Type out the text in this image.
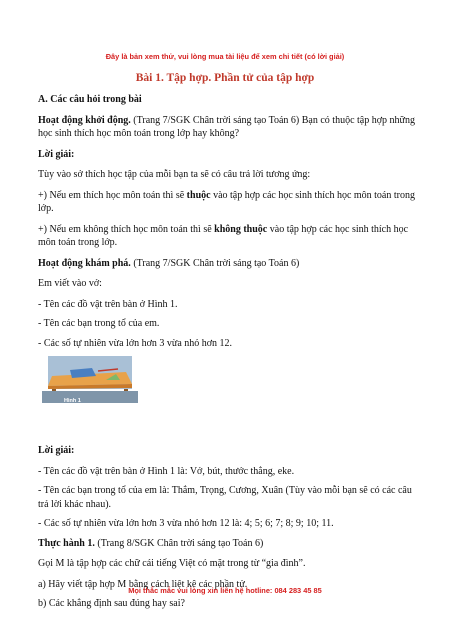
Đây là bản xem thử, vui lòng mua tài liệu để xem chi tiết (có lời giải)
Bài 1. Tập hợp. Phần tử của tập hợp

A. Các câu hỏi trong bài

Hoạt động khởi động. (Trang 7/SGK Chân trời sáng tạo Toán 6) Bạn có thuộc tập hợp những học sinh thích học môn toán trong lớp hay không?

Lời giải:

Tùy vào sở thích học tập của mỗi bạn ta sẽ có câu trả lời tương ứng:

+) Nếu em thích học môn toán thì sẽ thuộc vào tập hợp các học sinh thích học môn toán trong lớp.

+) Nếu em không thích học môn toán thì sẽ không thuộc vào tập hợp các học sinh thích học môn toán trong lớp.

Hoạt động khám phá. (Trang 7/SGK Chân trời sáng tạo Toán 6)

Em viết vào vở:

- Tên các đồ vật trên bàn ở Hình 1.

- Tên các bạn trong tổ của em.

- Các số tự nhiên vừa lớn hơn 3 vừa nhỏ hơn 12.

Hình 1

Lời giải:

- Tên các đồ vật trên bàn ở Hình 1 là: Vở, bút, thước thẳng, eke.

- Tên các bạn trong tổ của em là: Thắm, Trọng, Cương, Xuân (Tùy vào mỗi bạn sẽ có các câu trả lời khác nhau).

- Các số tự nhiên vừa lớn hơn 3 vừa nhỏ hơn 12 là: 4; 5; 6; 7; 8; 9; 10; 11.

Thực hành 1. (Trang 8/SGK Chân trời sáng tạo Toán 6)

Gọi M là tập hợp các chữ cái tiếng Việt có mặt trong từ “gia đình”.

a) Hãy viết tập hợp M bằng cách liệt kê các phần tử.

b) Các khẳng định sau đúng hay sai?

Mọi thắc mắc vui lòng xin liên hệ hotline: 084 283 45 85
